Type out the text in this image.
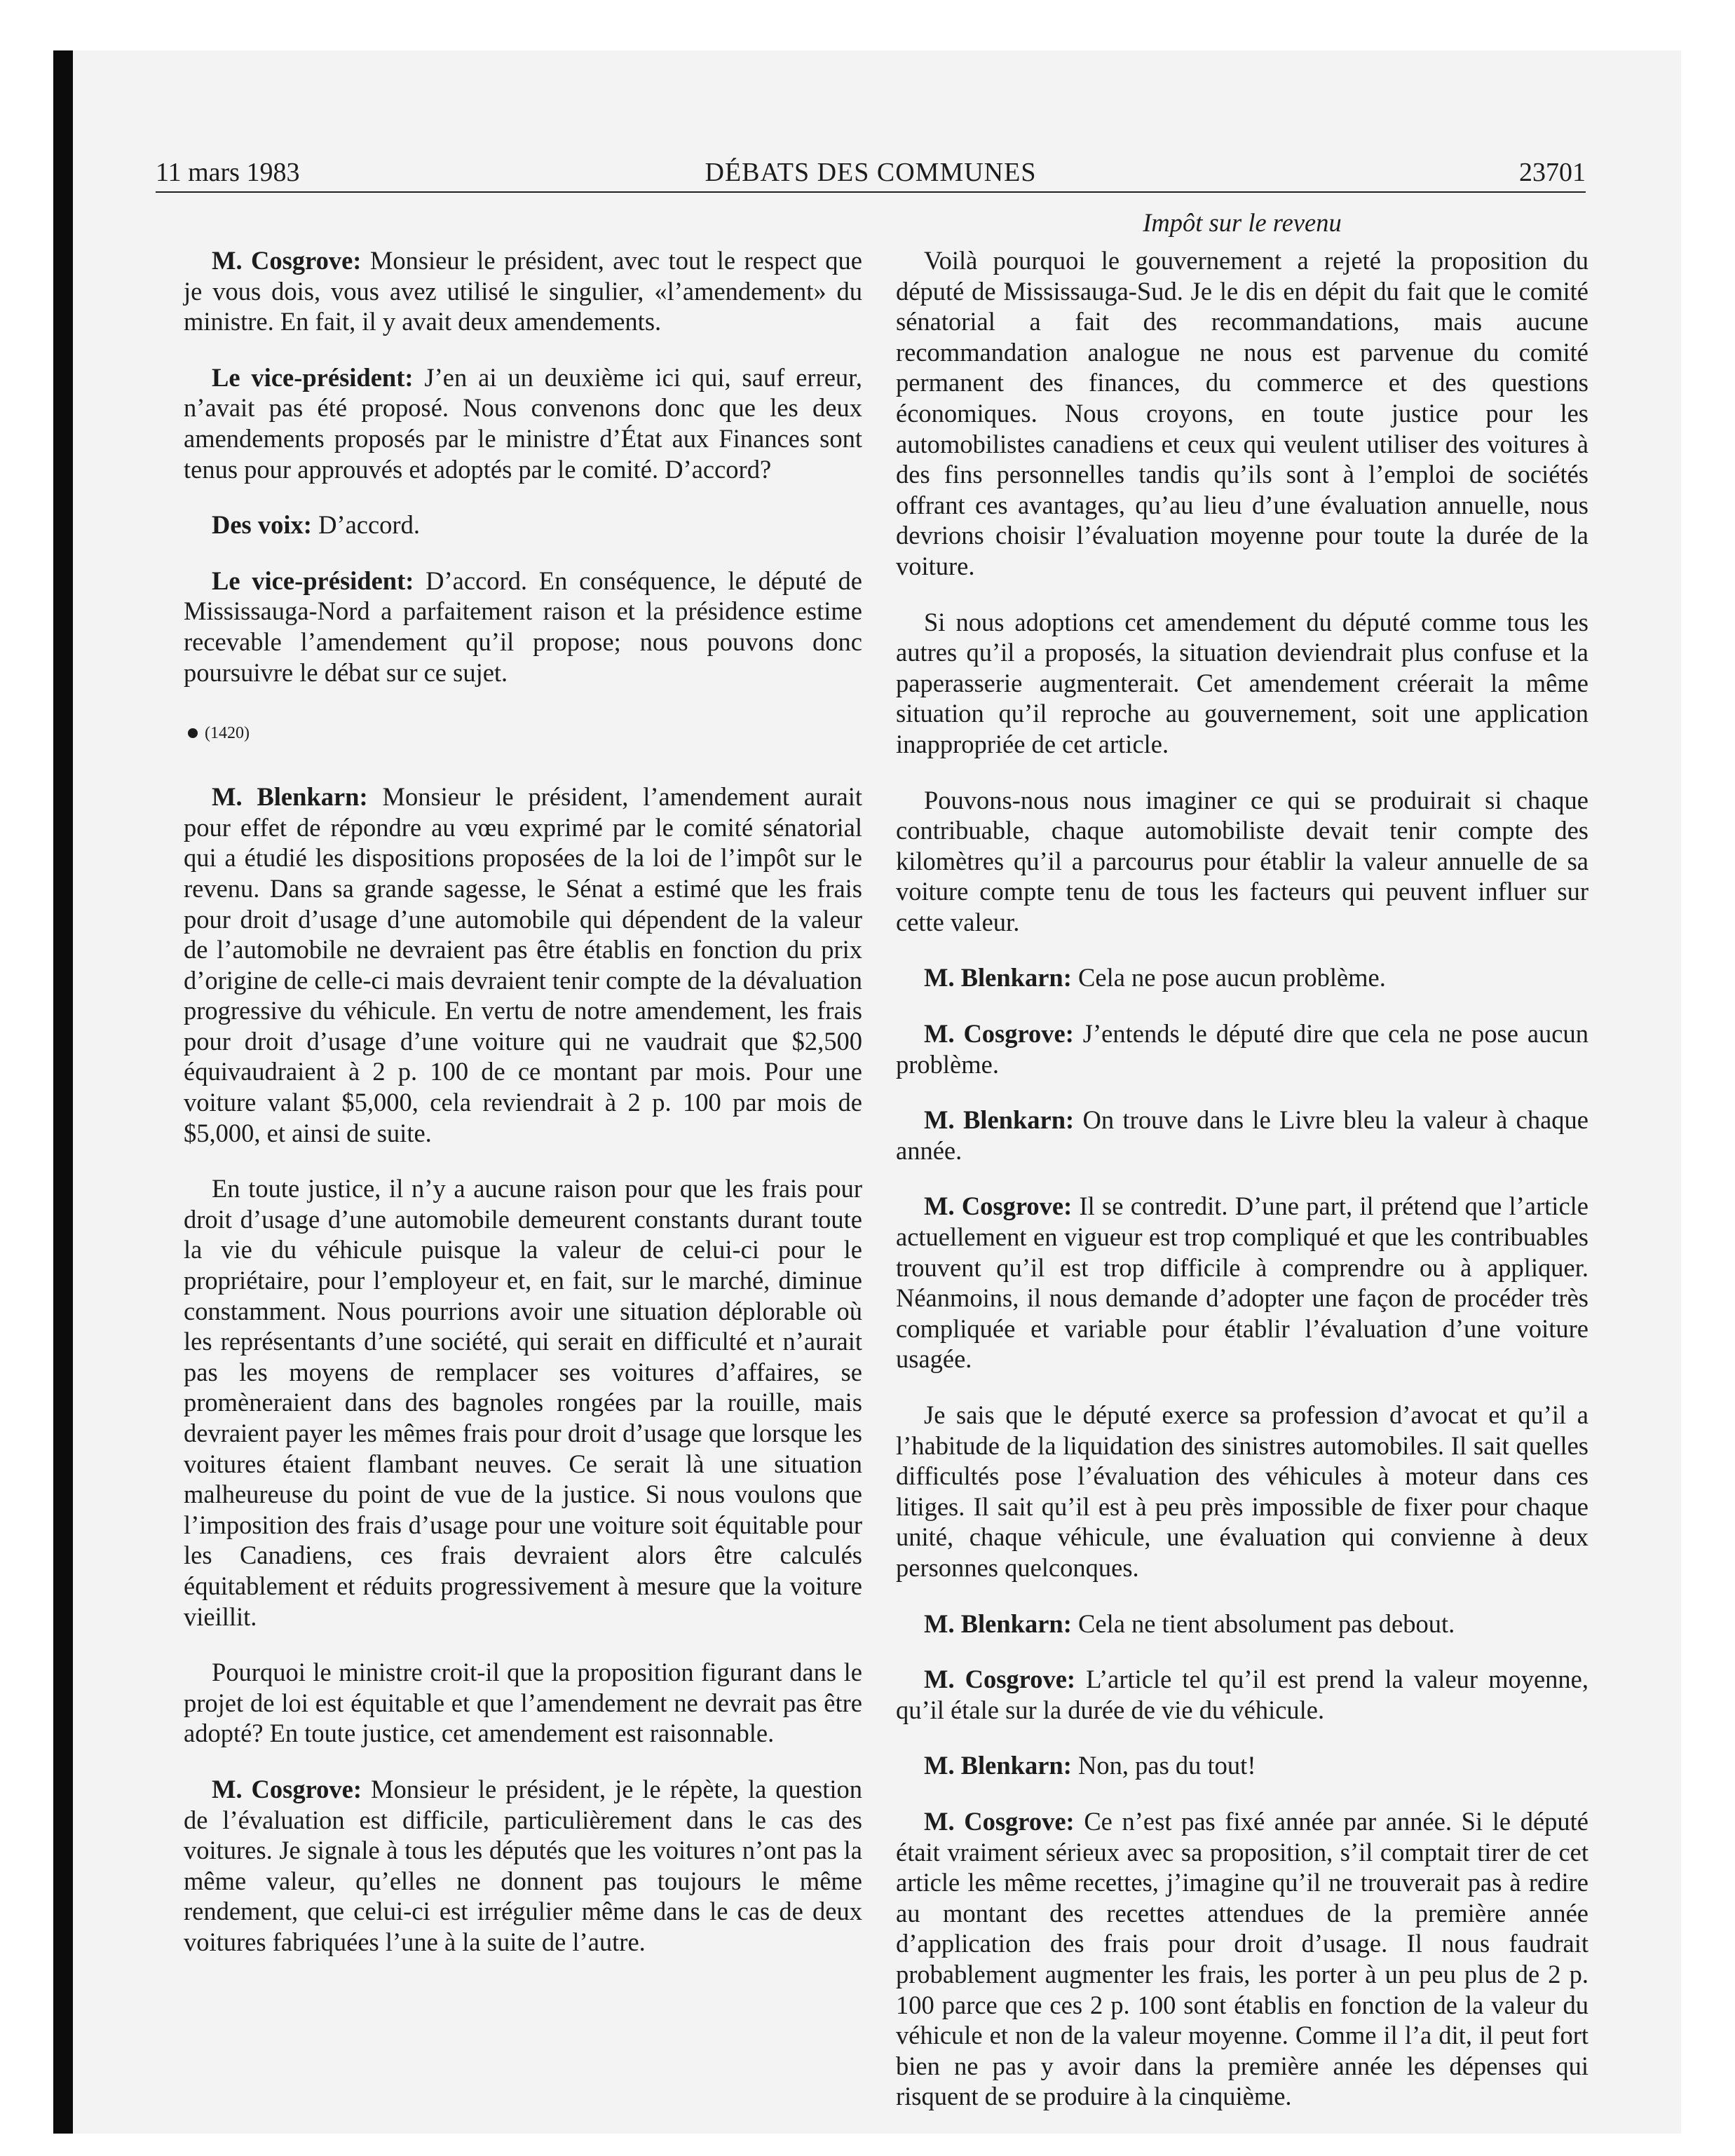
11 mars 1983	DÉBATS DES COMMUNES	23701
Impôt sur le revenu

M. Cosgrove: Monsieur le président, avec tout le respect que je vous dois, vous avez utilisé le singulier, «l’amendement» du ministre. En fait, il y avait deux amendements.

Le vice-président: J’en ai un deuxième ici qui, sauf erreur, n’avait pas été proposé. Nous convenons donc que les deux amendements proposés par le ministre d’État aux Finances sont tenus pour approuvés et adoptés par le comité. D’accord?

Des voix: D’accord.

Le vice-président: D’accord. En conséquence, le député de Mississauga-Nord a parfaitement raison et la présidence estime recevable l’amendement qu’il propose; nous pouvons donc poursuivre le débat sur ce sujet.

(1420)

M. Blenkarn: Monsieur le président, l’amendement aurait pour effet de répondre au vœu exprimé par le comité sénatorial qui a étudié les dispositions proposées de la loi de l’impôt sur le revenu. Dans sa grande sagesse, le Sénat a estimé que les frais pour droit d’usage d’une automobile qui dépendent de la valeur de l’automobile ne devraient pas être établis en fonction du prix d’origine de celle-ci mais devraient tenir compte de la dévaluation progressive du véhicule. En vertu de notre amendement, les frais pour droit d’usage d’une voiture qui ne vaudrait que $2,500 équivaudraient à 2 p. 100 de ce montant par mois. Pour une voiture valant $5,000, cela reviendrait à 2 p. 100 par mois de $5,000, et ainsi de suite.

En toute justice, il n’y a aucune raison pour que les frais pour droit d’usage d’une automobile demeurent constants durant toute la vie du véhicule puisque la valeur de celui-ci pour le propriétaire, pour l’employeur et, en fait, sur le marché, diminue constamment. Nous pourrions avoir une situation déplorable où les représentants d’une société, qui serait en difficulté et n’aurait pas les moyens de remplacer ses voitures d’affaires, se promèneraient dans des bagnoles rongées par la rouille, mais devraient payer les mêmes frais pour droit d’usage que lorsque les voitures étaient flambant neuves. Ce serait là une situation malheureuse du point de vue de la justice. Si nous voulons que l’imposition des frais d’usage pour une voiture soit équitable pour les Canadiens, ces frais devraient alors être calculés équitablement et réduits progressivement à mesure que la voiture vieillit.

Pourquoi le ministre croit-il que la proposition figurant dans le projet de loi est équitable et que l’amendement ne devrait pas être adopté? En toute justice, cet amendement est raisonnable.

M. Cosgrove: Monsieur le président, je le répète, la question de l’évaluation est difficile, particulièrement dans le cas des voitures. Je signale à tous les députés que les voitures n’ont pas la même valeur, qu’elles ne donnent pas toujours le même rendement, que celui-ci est irrégulier même dans le cas de deux voitures fabriquées l’une à la suite de l’autre.

Voilà pourquoi le gouvernement a rejeté la proposition du député de Mississauga-Sud. Je le dis en dépit du fait que le comité sénatorial a fait des recommandations, mais aucune recommandation analogue ne nous est parvenue du comité permanent des finances, du commerce et des questions économiques. Nous croyons, en toute justice pour les automobilistes canadiens et ceux qui veulent utiliser des voitures à des fins personnelles tandis qu’ils sont à l’emploi de sociétés offrant ces avantages, qu’au lieu d’une évaluation annuelle, nous devrions choisir l’évaluation moyenne pour toute la durée de la voiture.

Si nous adoptions cet amendement du député comme tous les autres qu’il a proposés, la situation deviendrait plus confuse et la paperasserie augmenterait. Cet amendement créerait la même situation qu’il reproche au gouvernement, soit une application inappropriée de cet article.

Pouvons-nous nous imaginer ce qui se produirait si chaque contribuable, chaque automobiliste devait tenir compte des kilomètres qu’il a parcourus pour établir la valeur annuelle de sa voiture compte tenu de tous les facteurs qui peuvent influer sur cette valeur.

M. Blenkarn: Cela ne pose aucun problème.

M. Cosgrove: J’entends le député dire que cela ne pose aucun problème.

M. Blenkarn: On trouve dans le Livre bleu la valeur à chaque année.

M. Cosgrove: Il se contredit. D’une part, il prétend que l’article actuellement en vigueur est trop compliqué et que les contribuables trouvent qu’il est trop difficile à comprendre ou à appliquer. Néanmoins, il nous demande d’adopter une façon de procéder très compliquée et variable pour établir l’évaluation d’une voiture usagée.

Je sais que le député exerce sa profession d’avocat et qu’il a l’habitude de la liquidation des sinistres automobiles. Il sait quelles difficultés pose l’évaluation des véhicules à moteur dans ces litiges. Il sait qu’il est à peu près impossible de fixer pour chaque unité, chaque véhicule, une évaluation qui convienne à deux personnes quelconques.

M. Blenkarn: Cela ne tient absolument pas debout.

M. Cosgrove: L’article tel qu’il est prend la valeur moyenne, qu’il étale sur la durée de vie du véhicule.

M. Blenkarn: Non, pas du tout!

M. Cosgrove: Ce n’est pas fixé année par année. Si le député était vraiment sérieux avec sa proposition, s’il comptait tirer de cet article les même recettes, j’imagine qu’il ne trouverait pas à redire au montant des recettes attendues de la première année d’application des frais pour droit d’usage. Il nous faudrait probablement augmenter les frais, les porter à un peu plus de 2 p. 100 parce que ces 2 p. 100 sont établis en fonction de la valeur du véhicule et non de la valeur moyenne. Comme il l’a dit, il peut fort bien ne pas y avoir dans la première année les dépenses qui risquent de se produire à la cinquième.
